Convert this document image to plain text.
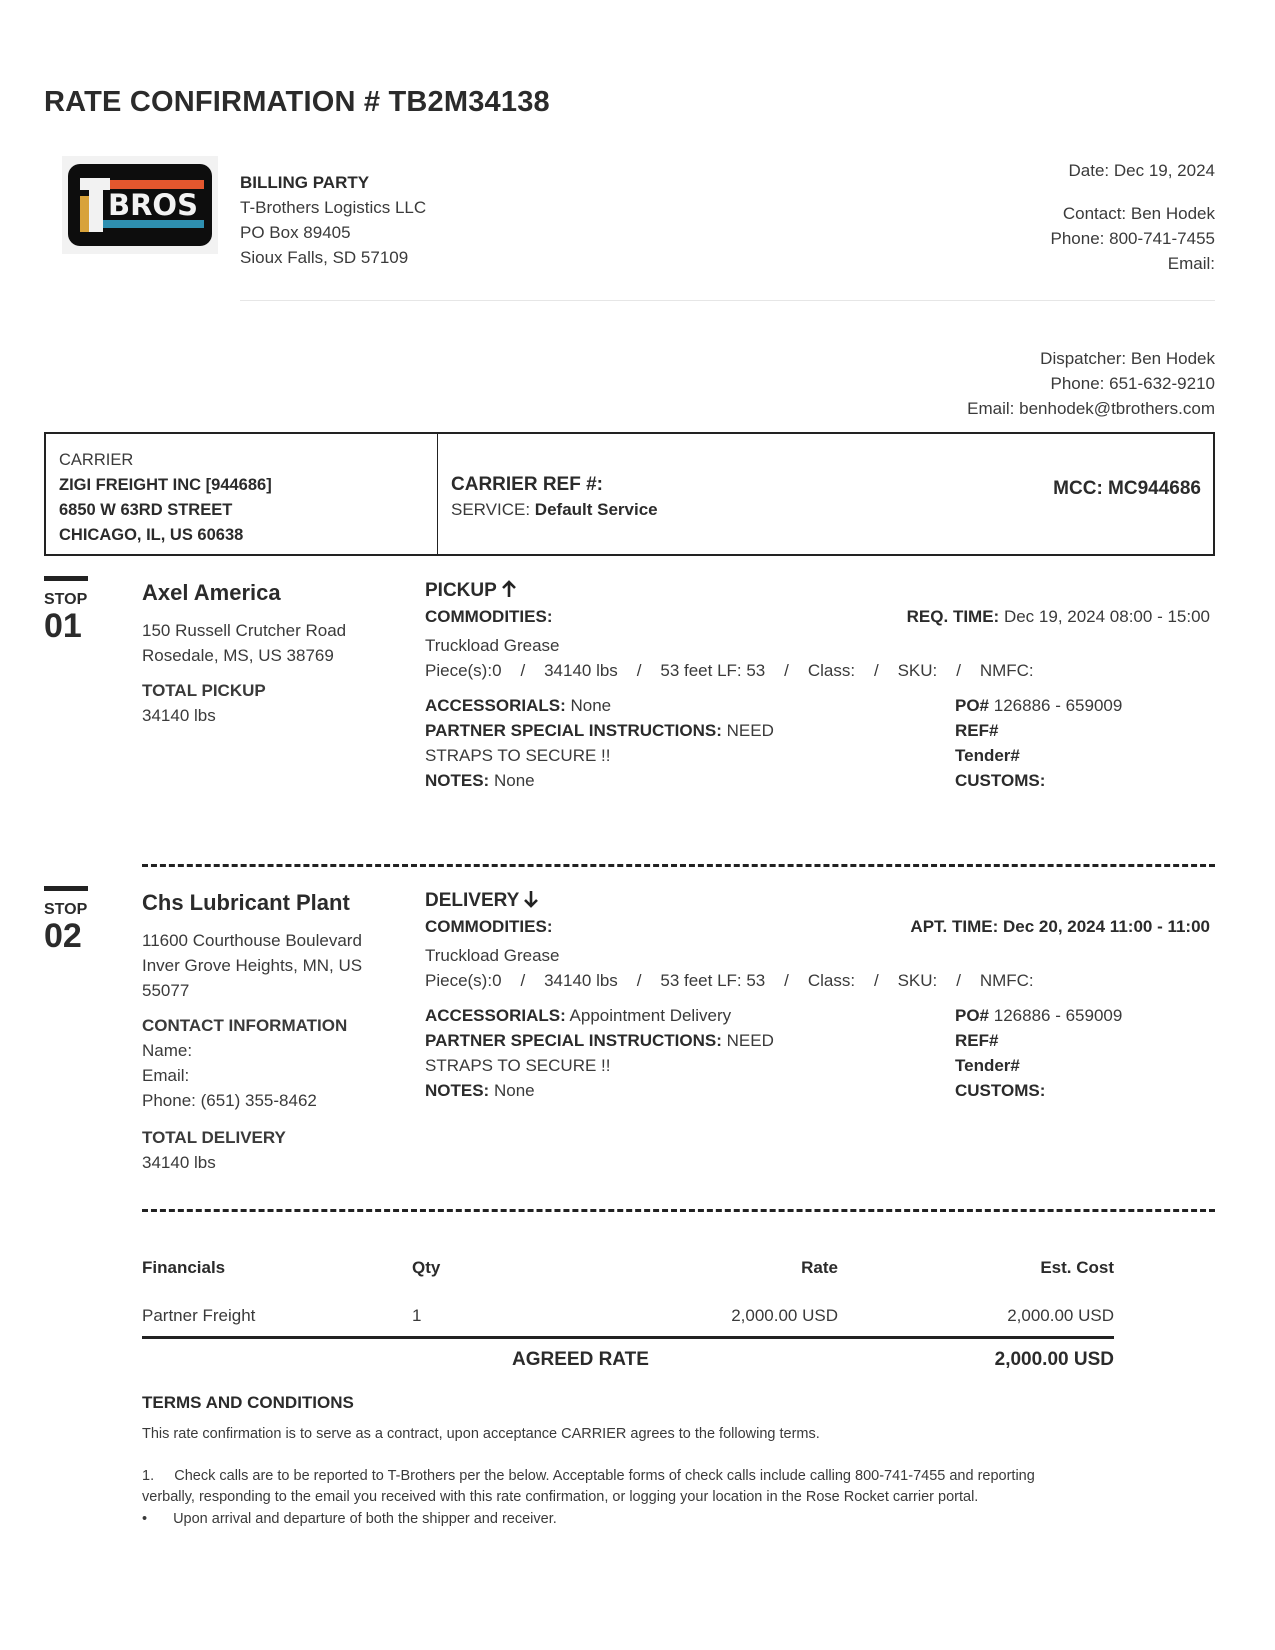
RATE CONFIRMATION # TB2M34138
BROS
BILLING PARTY
T-Brothers Logistics LLC
PO Box 89405
Sioux Falls, SD 57109
Date: Dec 19, 2024
Contact: Ben Hodek
Phone: 800-741-7455
Email:
Dispatcher: Ben Hodek
Phone: 651-632-9210
Email: benhodek@tbrothers.com
CARRIER
ZIGI FREIGHT INC [944686]
6850 W 63RD STREET
CHICAGO, IL, US 60638
CARRIER REF #:
SERVICE: Default Service
MCC: MC944686
STOP
01
Axel America
150 Russell Crutcher Road
Rosedale, MS, US 38769
TOTAL PICKUP
34140 lbs
PICKUP
COMMODITIES:	REQ. TIME: Dec 19, 2024 08:00 - 15:00
Truckload Grease
Piece(s):0 / 34140 lbs / 53 feet LF: 53 / Class: / SKU: / NMFC:
ACCESSORIALS: None
PARTNER SPECIAL INSTRUCTIONS: NEED
STRAPS TO SECURE !!
NOTES: None
PO# 126886 - 659009
REF#
Tender#
CUSTOMS:
STOP
02
Chs Lubricant Plant
11600 Courthouse Boulevard
Inver Grove Heights, MN, US
55077
CONTACT INFORMATION
Name:
Email:
Phone: (651) 355-8462
TOTAL DELIVERY
34140 lbs
DELIVERY
COMMODITIES:	APT. TIME: Dec 20, 2024 11:00 - 11:00
Truckload Grease
Piece(s):0 / 34140 lbs / 53 feet LF: 53 / Class: / SKU: / NMFC:
ACCESSORIALS: Appointment Delivery
PARTNER SPECIAL INSTRUCTIONS: NEED
STRAPS TO SECURE !!
NOTES: None
PO# 126886 - 659009
REF#
Tender#
CUSTOMS:
Financials	Qty	Rate	Est. Cost
Partner Freight	1	2,000.00 USD	2,000.00 USD
AGREED RATE	2,000.00 USD
TERMS AND CONDITIONS
This rate confirmation is to serve as a contract, upon acceptance CARRIER agrees to the following terms.
1. Check calls are to be reported to T-Brothers per the below. Acceptable forms of check calls include calling 800-741-7455 and reporting
verbally, responding to the email you received with this rate confirmation, or logging your location in the Rose Rocket carrier portal.
• Upon arrival and departure of both the shipper and receiver.
